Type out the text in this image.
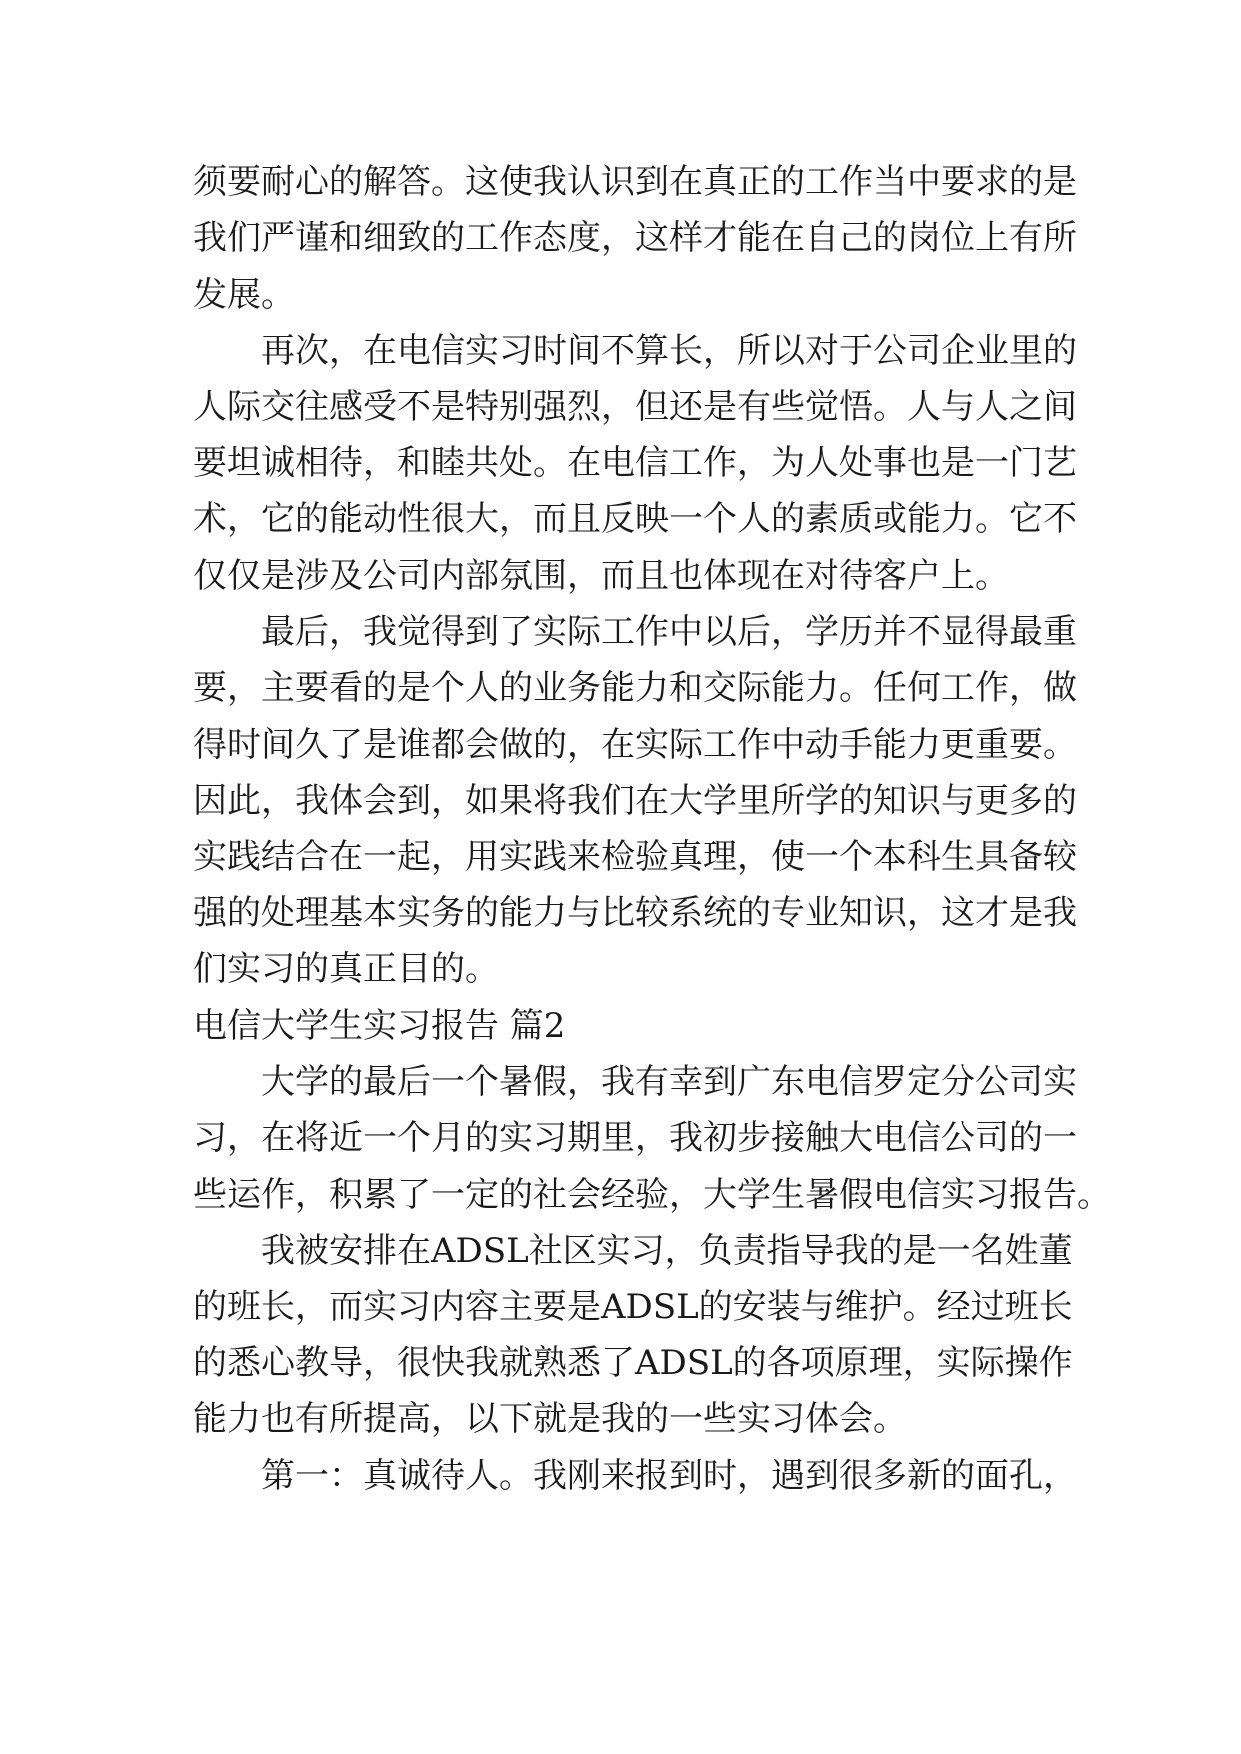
须要耐心的解答。这使我认识到在真正的工作当中要求的是
我们严谨和细致的工作态度，这样才能在自己的岗位上有所
发展。
再次，在电信实习时间不算长，所以对于公司企业里的
人际交往感受不是特别强烈，但还是有些觉悟。人与人之间
要坦诚相待，和睦共处。在电信工作，为人处事也是一门艺
术，它的能动性很大，而且反映一个人的素质或能力。它不
仅仅是涉及公司内部氛围，而且也体现在对待客户上。
最后，我觉得到了实际工作中以后，学历并不显得最重
要，主要看的是个人的业务能力和交际能力。任何工作，做
得时间久了是谁都会做的，在实际工作中动手能力更重要。
因此，我体会到，如果将我们在大学里所学的知识与更多的
实践结合在一起，用实践来检验真理，使一个本科生具备较
强的处理基本实务的能力与比较系统的专业知识，这才是我
们实习的真正目的。
电信大学生实习报告 篇2
大学的最后一个暑假，我有幸到广东电信罗定分公司实
习，在将近一个月的实习期里，我初步接触大电信公司的一
些运作，积累了一定的社会经验，大学生暑假电信实习报告。
我被安排在ADSL社区实习，负责指导我的是一名姓董
的班长，而实习内容主要是ADSL的安装与维护。经过班长
的悉心教导，很快我就熟悉了ADSL的各项原理，实际操作
能力也有所提高，以下就是我的一些实习体会。
第一：真诚待人。我刚来报到时，遇到很多新的面孔，
